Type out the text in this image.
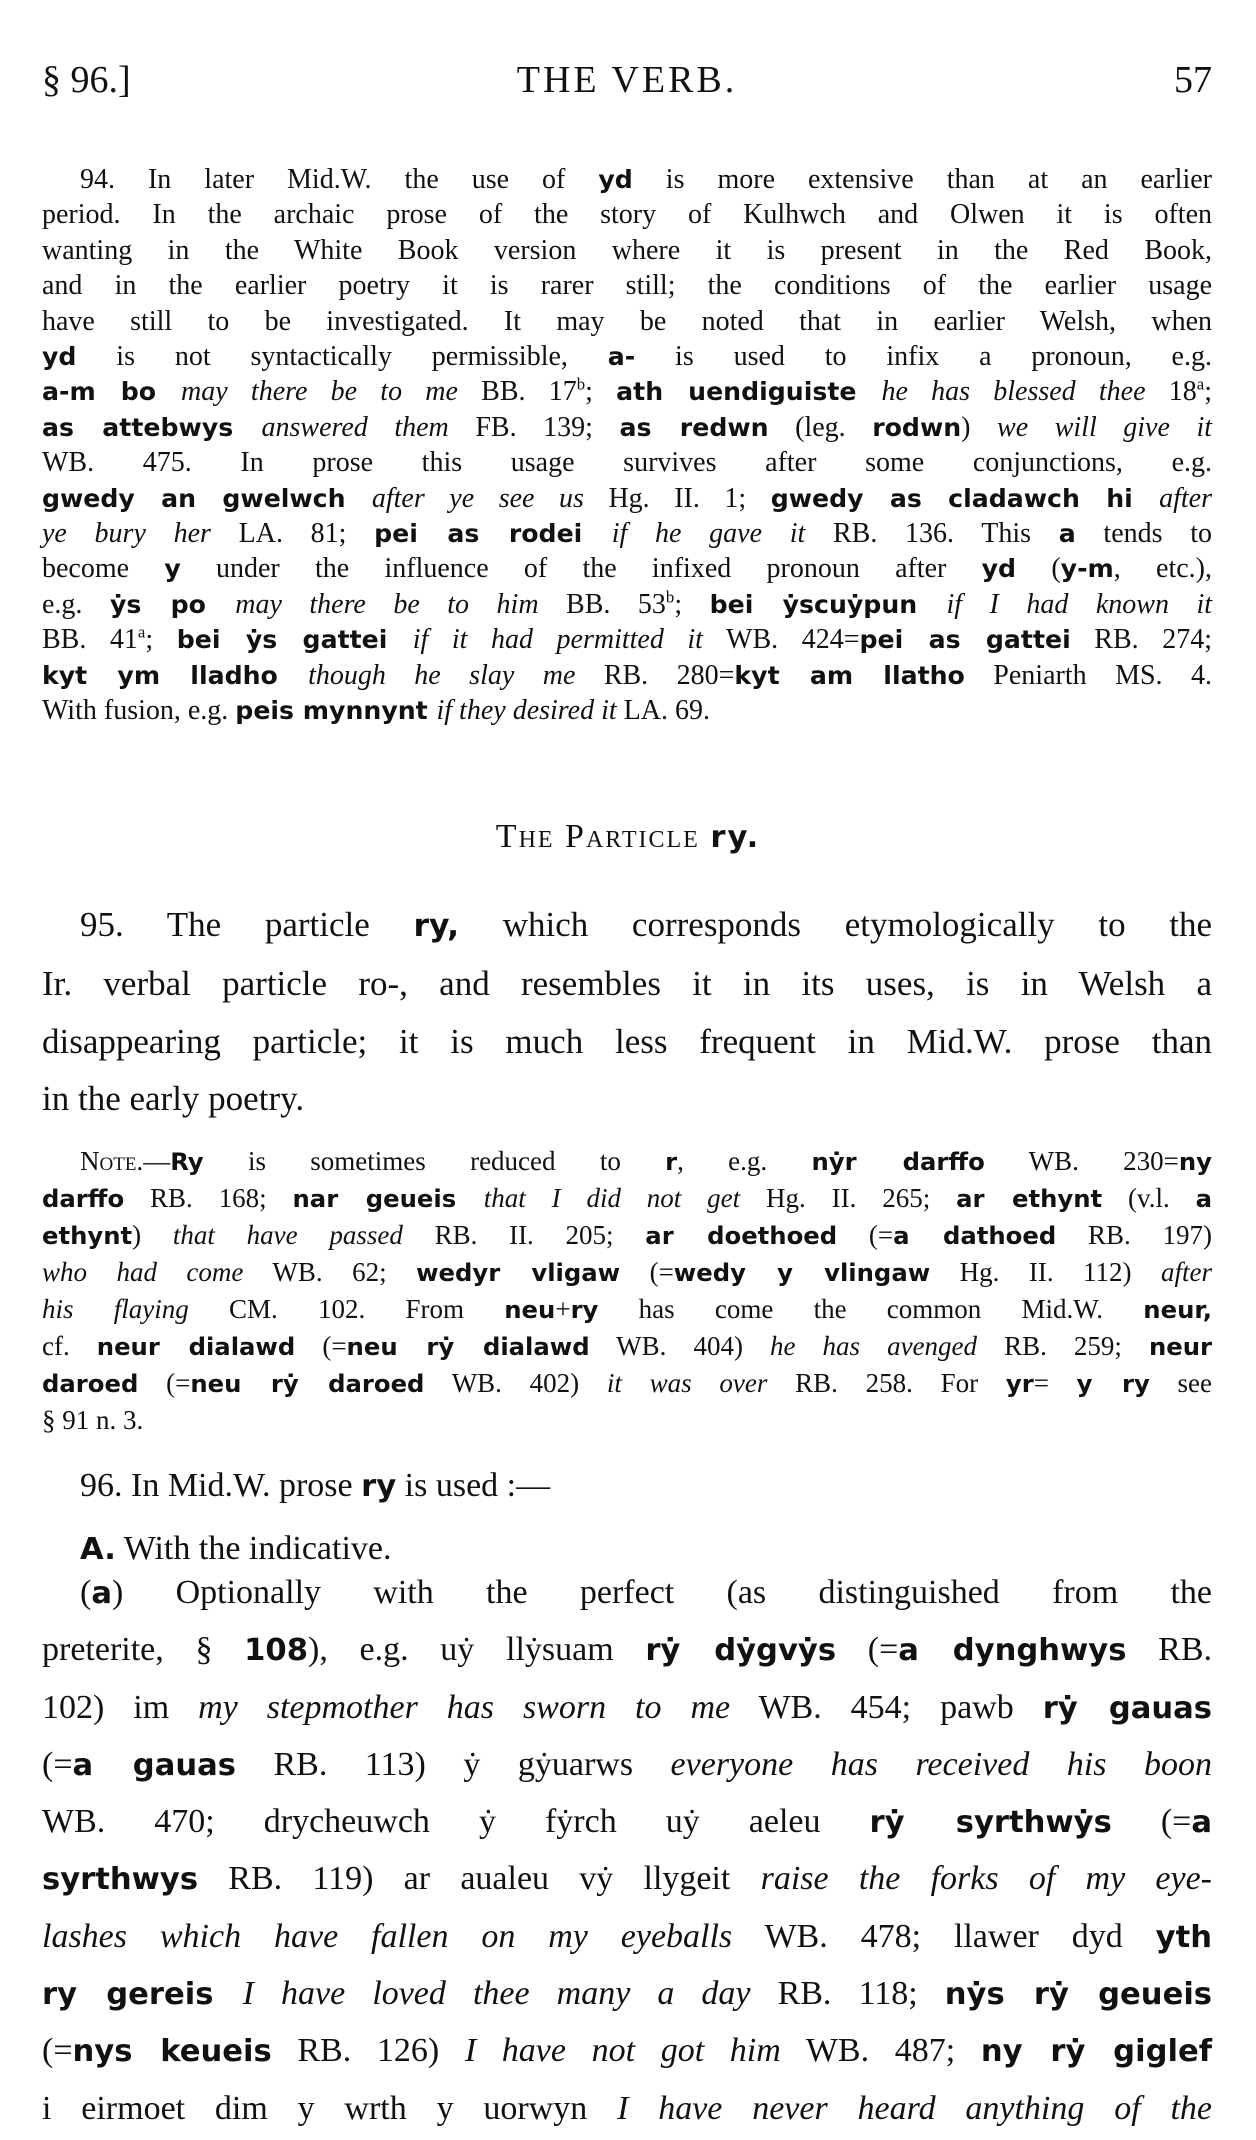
§ 96.]	THE VERB.	57
94. In later Mid.W. the use of yd is more extensive than at an earlier
period. In the archaic prose of the story of Kulhwch and Olwen it is often
wanting in the White Book version where it is present in the Red Book,
and in the earlier poetry it is rarer still; the conditions of the earlier usage
have still to be investigated. It may be noted that in earlier Welsh, when
yd is not syntactically permissible, a- is used to infix a pronoun, e.g.
a-m bo may there be to me BB. 17$^b$; ath uendiguiste he has blessed thee 18$^a$;
as attebwys answered them FB. 139; as redwn (leg. rodwn) we will give it
WB. 475. In prose this usage survives after some conjunctions, e.g.
gwedy an gwelwch after ye see us Hg. II. 1; gwedy as cladawch hi after
ye bury her LA. 81; pei as rodei if he gave it RB. 136. This a tends to
become y under the influence of the infixed pronoun after yd (y-m, etc.),
e.g. ẏs po may there be to him BB. 53$^b$; bei ẏscuẏpun if I had known it
BB. 41$^a$; bei ẏs gattei if it had permitted it WB. 424=pei as gattei RB. 274;
kyt ym lladho though he slay me RB. 280=kyt am llatho Peniarth MS. 4.
With fusion, e.g. peis mynnynt if they desired it LA. 69.
The Particle ry.
95. The particle ry, which corresponds etymologically to the
Ir. verbal particle ro-, and resembles it in its uses, is in Welsh a
disappearing particle; it is much less frequent in Mid.W. prose than
in the early poetry.
Note.—Ry is sometimes reduced to r, e.g. nẏr darffo WB. 230=ny
darffo RB. 168; nar geueis that I did not get Hg. II. 265; ar ethynt (v.l. a
ethynt) that have passed RB. II. 205; ar doethoed (=a dathoed RB. 197)
who had come WB. 62; wedyr vligaw (=wedy y vlingaw Hg. II. 112) after
his flaying CM. 102. From neu+ry has come the common Mid.W. neur,
cf. neur dialawd (=neu rẏ dialawd WB. 404) he has avenged RB. 259; neur
daroed (=neu rẏ daroed WB. 402) it was over RB. 258. For yr= y ry see
§ 91 n. 3.
96. In Mid.W. prose ry is used :—
A. With the indicative.
(a) Optionally with the perfect (as distinguished from the
preterite, § 108), e.g. uẏ llẏsuam rẏ dẏgvẏs (=a dynghwys RB.
102) im my stepmother has sworn to me WB. 454; pawb rẏ gauas
(=a gauas RB. 113) ẏ gẏuarws everyone has received his boon
WB. 470; drycheuwch ẏ fẏrch uẏ aeleu rẏ syrthwẏs (=a
syrthwys RB. 119) ar aualeu vẏ llygeit raise the forks of my eye-
lashes which have fallen on my eyeballs WB. 478; llawer dyd yth
ry gereis I have loved thee many a day RB. 118; nẏs rẏ geueis
(=nys keueis RB. 126) I have not got him WB. 487; ny rẏ giglef
i eirmoet dim y wrth y uorwyn I have never heard anything of the
